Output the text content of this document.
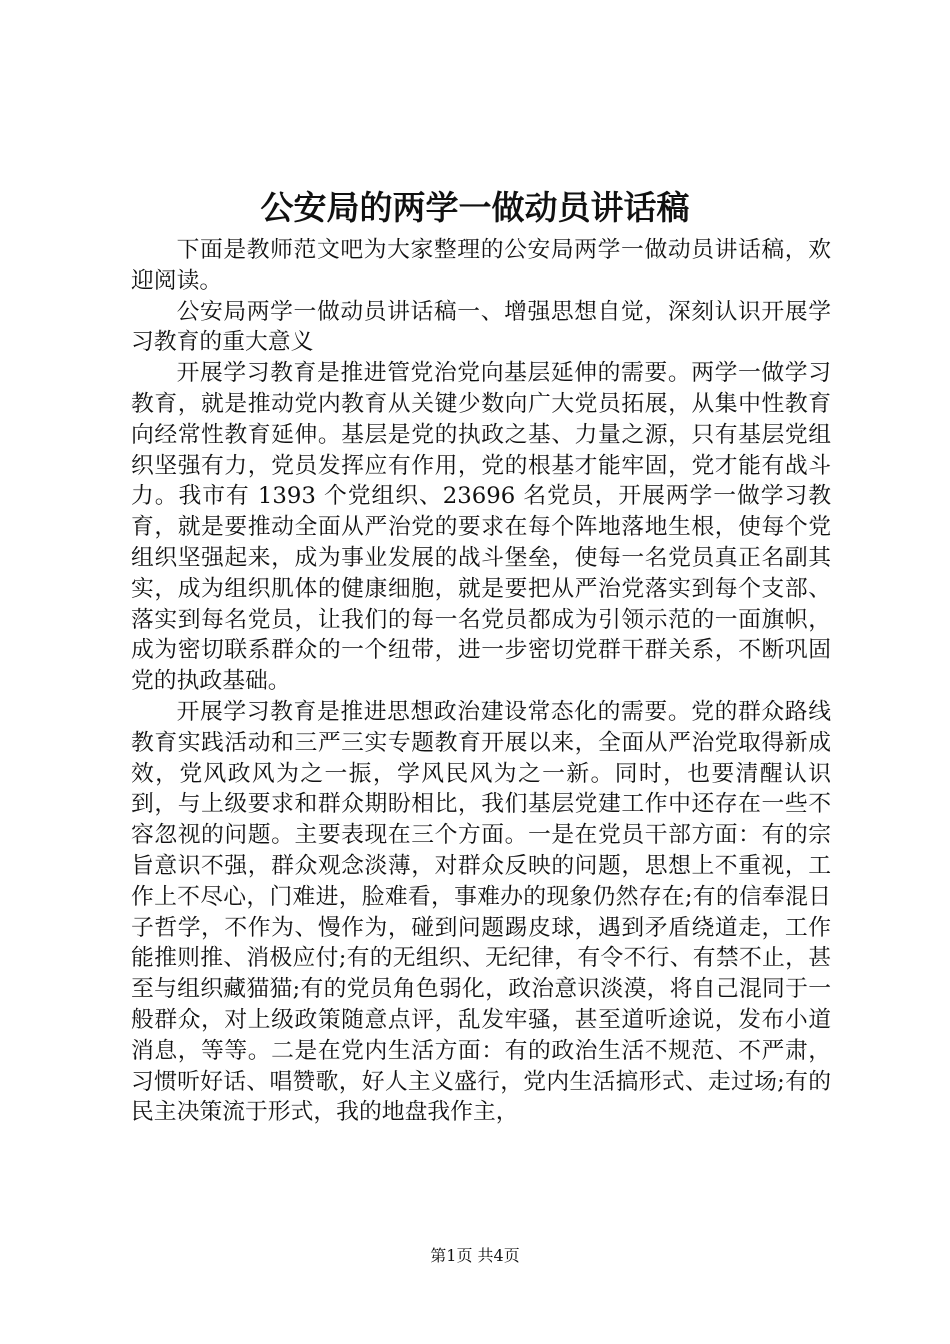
公安局的两学一做动员讲话稿

下面是教师范文吧为大家整理的公安局两学一做动员讲话稿，欢迎阅读。

公安局两学一做动员讲话稿一、增强思想自觉，深刻认识开展学习教育的重大意义

开展学习教育是推进管党治党向基层延伸的需要。两学一做学习教育，就是推动党内教育从关键少数向广大党员拓展，从集中性教育向经常性教育延伸。基层是党的执政之基、力量之源，只有基层党组织坚强有力，党员发挥应有作用，党的根基才能牢固，党才能有战斗力。我市有 1393 个党组织、23696 名党员，开展两学一做学习教育，就是要推动全面从严治党的要求在每个阵地落地生根，使每个党组织坚强起来，成为事业发展的战斗堡垒，使每一名党员真正名副其实，成为组织肌体的健康细胞，就是要把从严治党落实到每个支部、落实到每名党员，让我们的每一名党员都成为引领示范的一面旗帜，成为密切联系群众的一个纽带，进一步密切党群干群关系，不断巩固党的执政基础。

开展学习教育是推进思想政治建设常态化的需要。党的群众路线教育实践活动和三严三实专题教育开展以来，全面从严治党取得新成效，党风政风为之一振，学风民风为之一新。同时，也要清醒认识到，与上级要求和群众期盼相比，我们基层党建工作中还存在一些不容忽视的问题。主要表现在三个方面。一是在党员干部方面：有的宗旨意识不强，群众观念淡薄，对群众反映的问题，思想上不重视，工作上不尽心，门难进，脸难看，事难办的现象仍然存在;有的信奉混日子哲学，不作为、慢作为，碰到问题踢皮球，遇到矛盾绕道走，工作能推则推、消极应付;有的无组织、无纪律，有令不行、有禁不止，甚至与组织藏猫猫;有的党员角色弱化，政治意识淡漠，将自己混同于一般群众，对上级政策随意点评，乱发牢骚，甚至道听途说，发布小道消息，等等。二是在党内生活方面：有的政治生活不规范、不严肃，习惯听好话、唱赞歌，好人主义盛行，党内生活搞形式、走过场;有的民主决策流于形式，我的地盘我作主，

第1页 共4页
